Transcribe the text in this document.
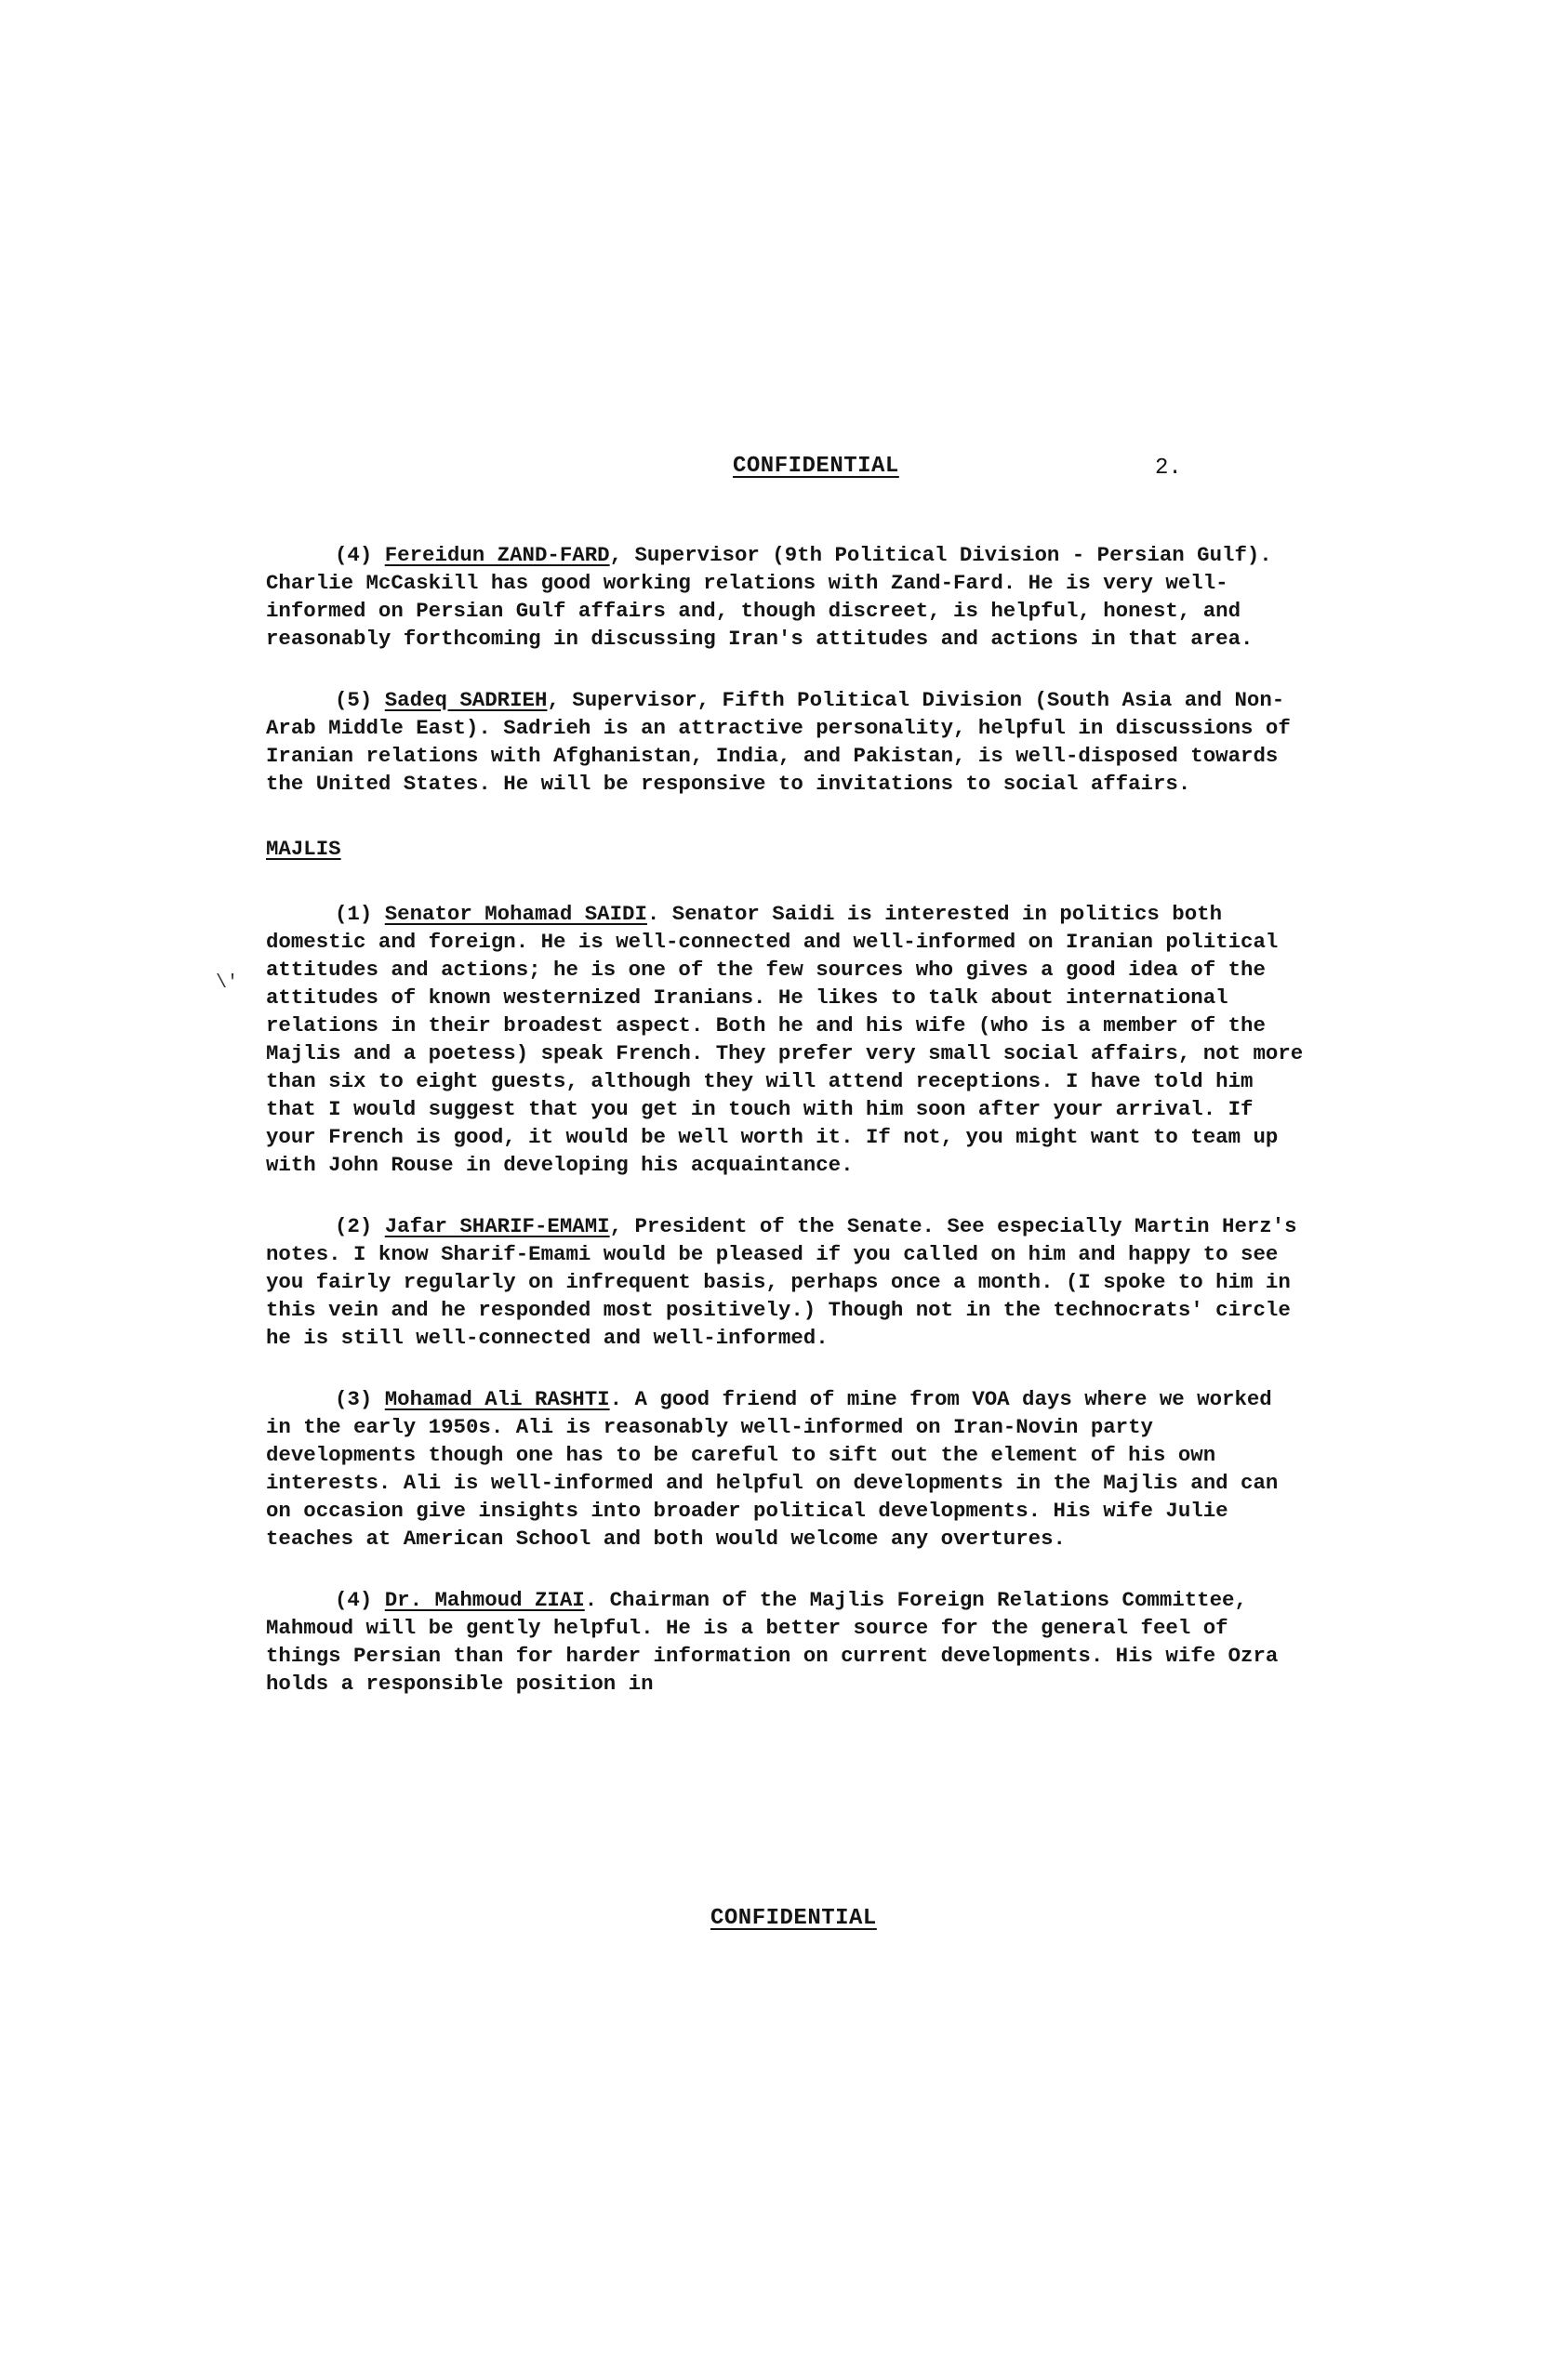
CONFIDENTIAL	2.
\'

(4) Fereidun ZAND-FARD, Supervisor (9th Political Division - Persian Gulf). Charlie McCaskill has good working relations with Zand-Fard. He is very well-informed on Persian Gulf affairs and, though discreet, is helpful, honest, and reasonably forthcoming in discussing Iran's attitudes and actions in that area.

(5) Sadeq SADRIEH, Supervisor, Fifth Political Division (South Asia and Non-Arab Middle East). Sadrieh is an attractive personality, helpful in discussions of Iranian relations with Afghanistan, India, and Pakistan, is well-disposed towards the United States. He will be responsive to invitations to social affairs.

MAJLIS

(1) Senator Mohamad SAIDI. Senator Saidi is interested in politics both domestic and foreign. He is well-connected and well-informed on Iranian political attitudes and actions; he is one of the few sources who gives a good idea of the attitudes of known westernized Iranians. He likes to talk about international relations in their broadest aspect. Both he and his wife (who is a member of the Majlis and a poetess) speak French. They prefer very small social affairs, not more than six to eight guests, although they will attend receptions. I have told him that I would suggest that you get in touch with him soon after your arrival. If your French is good, it would be well worth it. If not, you might want to team up with John Rouse in developing his acquaintance.

(2) Jafar SHARIF-EMAMI, President of the Senate. See especially Martin Herz's notes. I know Sharif-Emami would be pleased if you called on him and happy to see you fairly regularly on infrequent basis, perhaps once a month. (I spoke to him in this vein and he responded most positively.) Though not in the technocrats' circle he is still well-connected and well-informed.

(3) Mohamad Ali RASHTI. A good friend of mine from VOA days where we worked in the early 1950s. Ali is reasonably well-informed on Iran-Novin party developments though one has to be careful to sift out the element of his own interests. Ali is well-informed and helpful on developments in the Majlis and can on occasion give insights into broader political developments. His wife Julie teaches at American School and both would welcome any overtures.

(4) Dr. Mahmoud ZIAI. Chairman of the Majlis Foreign Relations Committee, Mahmoud will be gently helpful. He is a better source for the general feel of things Persian than for harder information on current developments. His wife Ozra holds a responsible position in

CONFIDENTIAL
